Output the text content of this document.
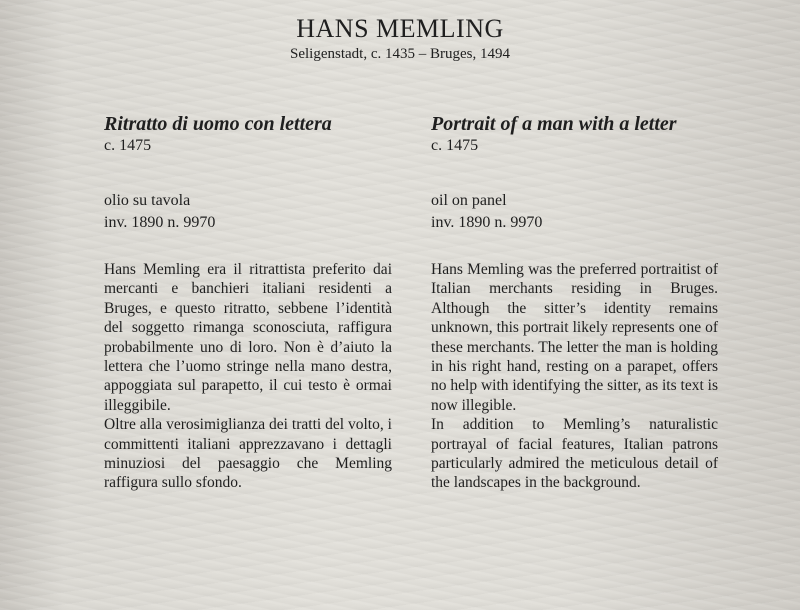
HANS MEMLING
Seligenstadt, c. 1435 – Bruges, 1494
Ritratto di uomo con lettera
c. 1475
olio su tavola
inv. 1890 n. 9970

Hans Memling era il ritrattista preferito dai mercanti e banchieri italiani residenti a Bruges, e questo ritratto, sebbene l’identità del soggetto rimanga sconosciuta, raffigura probabilmente uno di loro. Non è d’aiuto la lettera che l’uomo stringe nella mano destra, appoggiata sul parapetto, il cui testo è ormai illeggibile.

Oltre alla verosimiglianza dei tratti del volto, i committenti italiani apprezzavano i dettagli minuziosi del paesaggio che Memling raffigura sullo sfondo.

Portrait of a man with a letter
c. 1475
oil on panel
inv. 1890 n. 9970

Hans Memling was the preferred portraitist of Italian merchants residing in Bruges. Although the sitter’s identity remains unknown, this portrait likely represents one of these merchants. The letter the man is holding in his right hand, resting on a parapet, offers no help with identifying the sitter, as its text is now illegible.

In addition to Memling’s naturalistic portrayal of facial features, Italian patrons particularly admired the meticulous detail of the landscapes in the background.
